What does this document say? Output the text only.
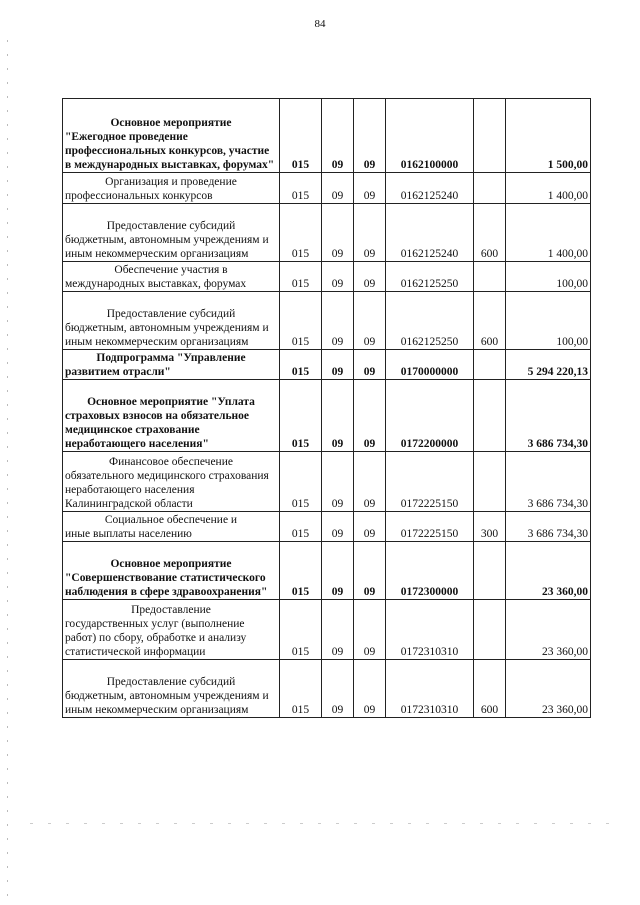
84
Основное мероприятие
"Ежегодное проведение профессиональных конкурсов, участие в международных выставках, форумах"	015	09	09	0162100000		1 500,00

Организация и проведение
профессиональных конкурсов	015	09	09	0162125240		1 400,00

Предоставление субсидий
бюджетным, автономным учреждениям и иным некоммерческим организациям	015	09	09	0162125240	600	1 400,00

Обеспечение участия в
международных выставках, форумах	015	09	09	0162125250		100,00

Предоставление субсидий
бюджетным, автономным учреждениям и иным некоммерческим организациям	015	09	09	0162125250	600	100,00

Подпрограмма "Управление
развитием отрасли"	015	09	09	0170000000		5 294 220,13

Основное мероприятие "Уплата
страховых взносов на обязательное медицинское страхование неработающего населения"	015	09	09	0172200000		3 686 734,30

Финансовое обеспечение
обязательного медицинского страхования неработающего населения Калининградской области	015	09	09	0172225150		3 686 734,30

Социальное обеспечение и
иные выплаты населению	015	09	09	0172225150	300	3 686 734,30

Основное мероприятие
"Совершенствование статистического наблюдения в сфере здравоохранения"	015	09	09	0172300000		23 360,00

Предоставление
государственных услуг (выполнение работ) по сбору, обработке и анализу статистической информации	015	09	09	0172310310		23 360,00

Предоставление субсидий
бюджетным, автономным учреждениям и иным некоммерческим организациям	015	09	09	0172310310	600	23 360,00
